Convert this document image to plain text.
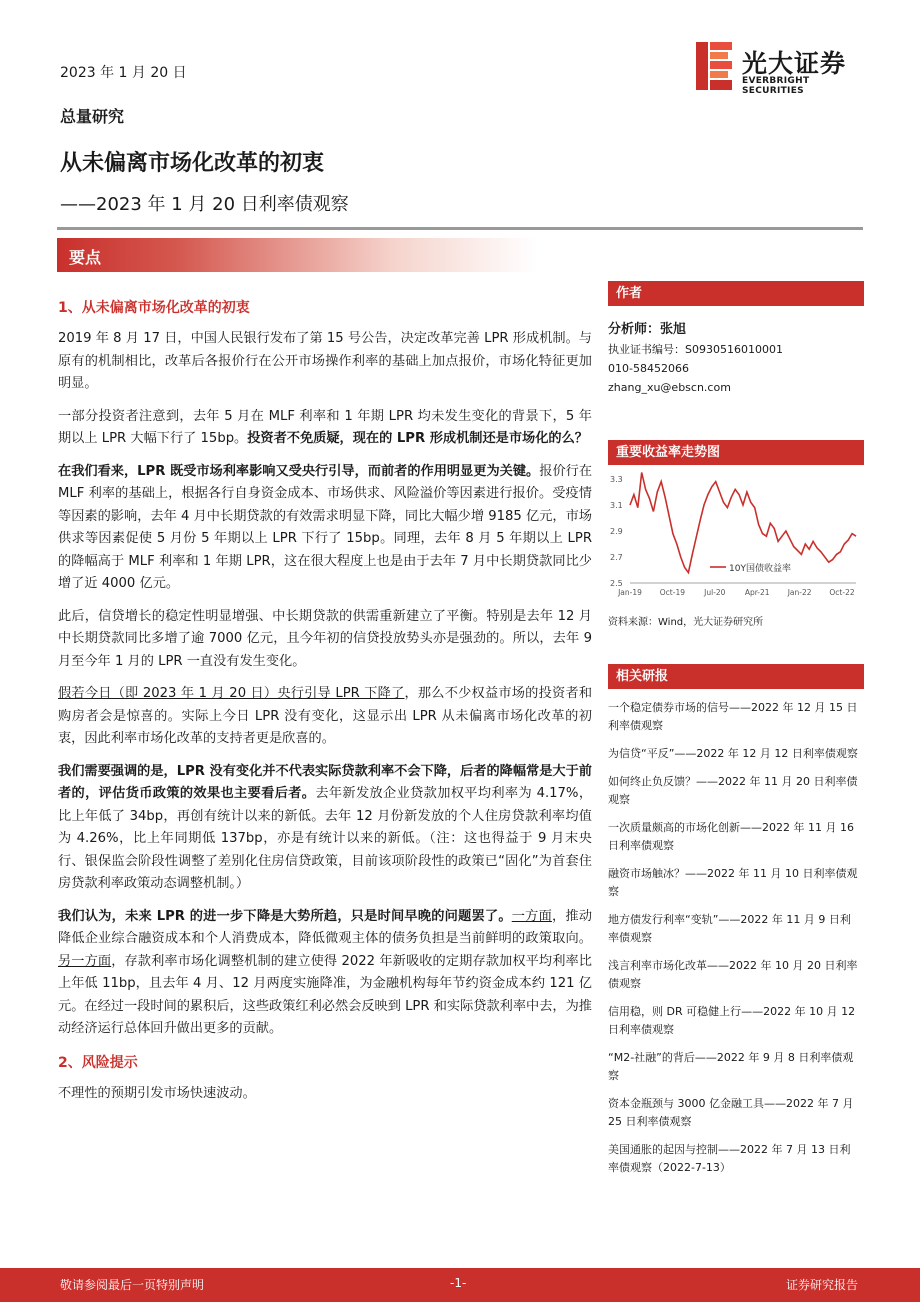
2023 年 1 月 20 日	光大证券
EVERBRIGHT SECURITIES
总量研究
从未偏离市场化改革的初衷
——2023 年 1 月 20 日利率债观察
要点
1、从未偏离市场化改革的初衷

2019 年 8 月 17 日，中国人民银行发布了第 15 号公告，决定改革完善 LPR 形成机制。与原有的机制相比，改革后各报价行在公开市场操作利率的基础上加点报价，市场化特征更加明显。

一部分投资者注意到，去年 5 月在 MLF 利率和 1 年期 LPR 均未发生变化的背景下，5 年期以上 LPR 大幅下行了 15bp。投资者不免质疑，现在的 LPR 形成机制还是市场化的么？

在我们看来，LPR 既受市场利率影响又受央行引导，而前者的作用明显更为关键。报价行在 MLF 利率的基础上，根据各行自身资金成本、市场供求、风险溢价等因素进行报价。受疫情等因素的影响，去年 4 月中长期贷款的有效需求明显下降，同比大幅少增 9185 亿元，市场供求等因素促使 5 月份 5 年期以上 LPR 下行了 15bp。同理，去年 8 月 5 年期以上 LPR 的降幅高于 MLF 利率和 1 年期 LPR，这在很大程度上也是由于去年 7 月中长期贷款同比少增了近 4000 亿元。

此后，信贷增长的稳定性明显增强、中长期贷款的供需重新建立了平衡。特别是去年 12 月中长期贷款同比多增了逾 7000 亿元，且今年初的信贷投放势头亦是强劲的。所以，去年 9 月至今年 1 月的 LPR 一直没有发生变化。

假若今日（即 2023 年 1 月 20 日）央行引导 LPR 下降了，那么不少权益市场的投资者和购房者会是惊喜的。实际上今日 LPR 没有变化，这显示出 LPR 从未偏离市场化改革的初衷，因此利率市场化改革的支持者更是欣喜的。

我们需要强调的是，LPR 没有变化并不代表实际贷款利率不会下降，后者的降幅常是大于前者的，评估货币政策的效果也主要看后者。去年新发放企业贷款加权平均利率为 4.17%，比上年低了 34bp，再创有统计以来的新低。去年 12 月份新发放的个人住房贷款利率均值为 4.26%，比上年同期低 137bp，亦是有统计以来的新低。（注：这也得益于 9 月末央行、银保监会阶段性调整了差别化住房信贷政策，目前该项阶段性的政策已“固化”为首套住房贷款利率政策动态调整机制。）

我们认为，未来 LPR 的进一步下降是大势所趋，只是时间早晚的问题罢了。一方面，推动降低企业综合融资成本和个人消费成本，降低微观主体的债务负担是当前鲜明的政策取向。另一方面，存款利率市场化调整机制的建立使得 2022 年新吸收的定期存款加权平均利率比上年低 11bp，且去年 4 月、12 月两度实施降准，为金融机构每年节约资金成本约 121 亿元。在经过一段时间的累积后，这些政策红利必然会反映到 LPR 和实际贷款利率中去，为推动经济运行总体回升做出更多的贡献。

2、风险提示

不理性的预期引发市场快速波动。

作者
分析师：张旭
执业证书编号：S0930516010001
010-58452066
zhang_xu@ebscn.com
重要收益率走势图
3.3
3.1
2.9
2.7
2.5
Jan-19 Oct-19	Jul-20	Apr-21 Jan-22 Oct-22
10Y国债收益率
资料来源：Wind，光大证券研究所
相关研报
一个稳定债券市场的信号——2022 年 12 月 15 日利率债观察
为信贷“平反”——2022 年 12 月 12 日利率债观察
如何终止负反馈？——2022 年 11 月 20 日利率债观察
一次质量颇高的市场化创新——2022 年 11 月 16 日利率债观察
融资市场触冰？——2022 年 11 月 10 日利率债观察
地方债发行利率“变轨”——2022 年 11 月 9 日利率债观察
浅言利率市场化改革——2022 年 10 月 20 日利率债观察
信用稳，则 DR 可稳健上行——2022 年 10 月 12 日利率债观察
“M2-社融”的背后——2022 年 9 月 8 日利率债观察
资本金瓶颈与 3000 亿金融工具——2022 年 7 月 25 日利率债观察
美国通胀的起因与控制——2022 年 7 月 13 日利率债观察（2022-7-13）
敬请参阅最后一页特别声明	-1-	证券研究报告
